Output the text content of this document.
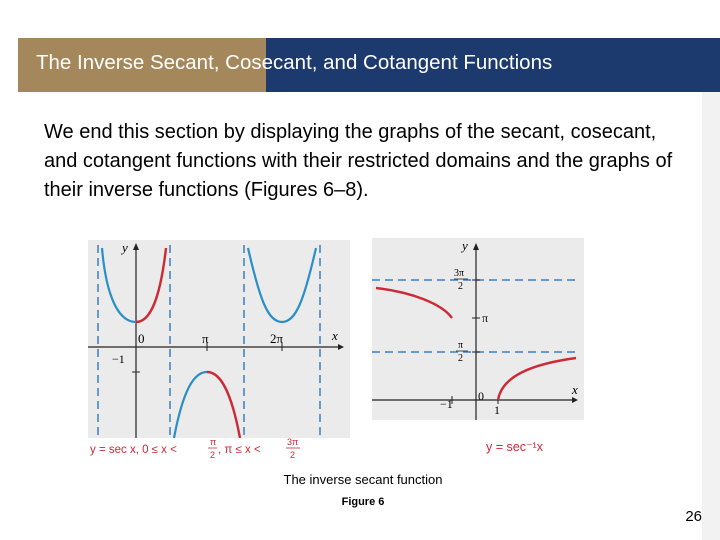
The Inverse Secant, Cosecant, and Cotangent Functions
We end this section by displaying the graphs of the secant, cosecant, and cotangent functions with their restricted domains and the graphs of their inverse functions (Figures 6–8).
y
x
0
−1
π	2π
y = sec x, 0 ≤ x <
π
2 , π ≤ x <
3π
2
y
x
3π
2
π
π
2
−1
0
1
y = sec⁻¹x
The inverse secant function
Figure 6
26
